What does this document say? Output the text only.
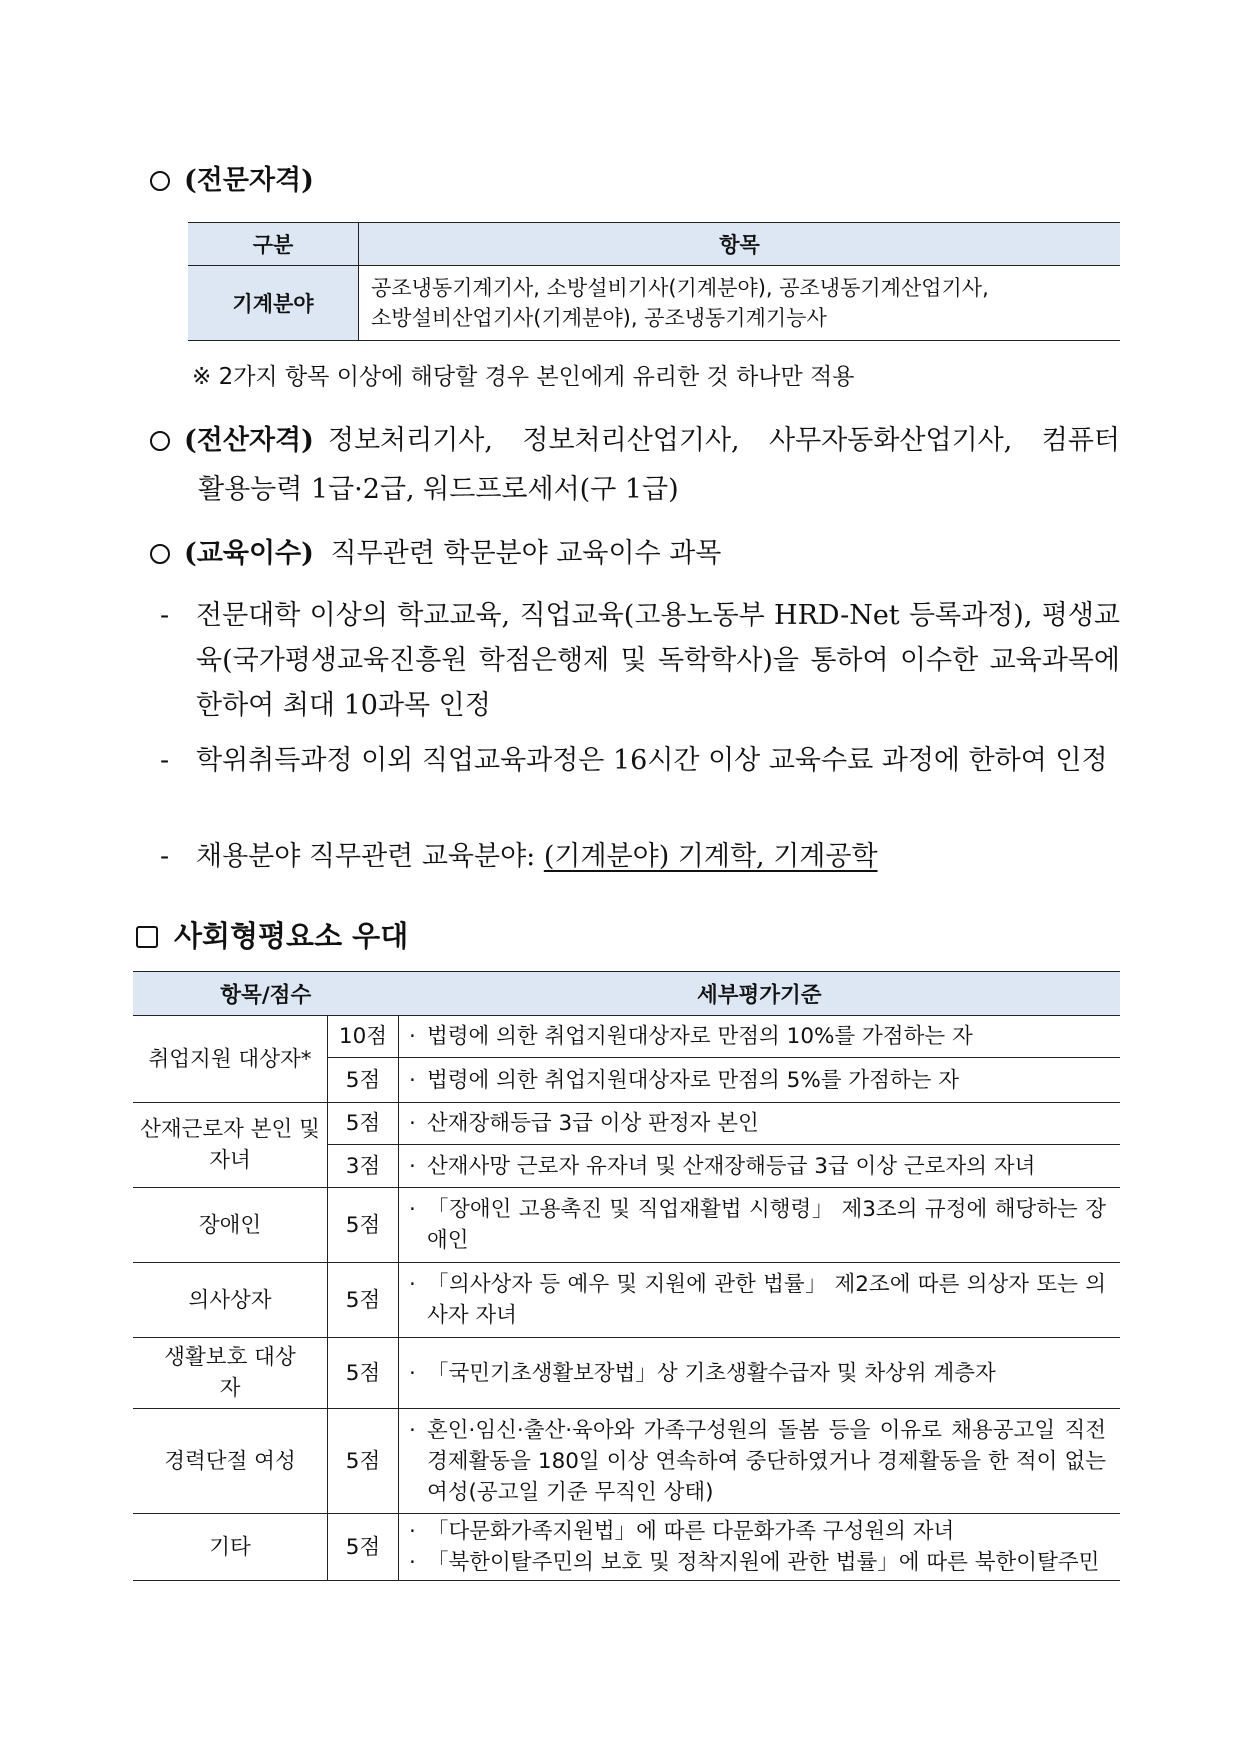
(전문자격)
구분	항목
기계분야	공조냉동기계기사, 소방설비기사(기계분야), 공조냉동기계산업기사,
소방설비산업기사(기계분야), 공조냉동기계기능사
※ 2가지 항목 이상에 해당할 경우 본인에게 유리한 것 하나만 적용
(전산자격) 정보처리기사, 정보처리산업기사, 사무자동화산업기사, 컴퓨터
활용능력 1급·2급, 워드프로세서(구 1급)
(교육이수) 직무관련 학문분야 교육이수 과목
- 전문대학 이상의 학교교육, 직업교육(고용노동부 HRD-Net 등록과정), 평생교육(국가평생교육진흥원 학점은행제 및 독학학사)을 통하여 이수한 교육과목에 한하여 최대 10과목 인정
- 학위취득과정 이외 직업교육과정은 16시간 이상 교육수료 과정에 한하여 인정
- 채용분야 직무관련 교육분야: (기계분야) 기계학, 기계공학
사회형평요소 우대
항목/점수		세부평가기준
취업지원 대상자*	10점	· 법령에 의한 취업지원대상자로 만점의 10%를 가점하는 자

	5점	· 법령에 의한 취업지원대상자로 만점의 5%를 가점하는 자

산재근로자 본인 및 자녀	5점	· 산재장해등급 3급 이상 판정자 본인

	3점	· 산재사망 근로자 유자녀 및 산재장해등급 3급 이상 근로자의 자녀

장애인	5점	· 「장애인 고용촉진 및 직업재활법 시행령」 제3조의 규정에 해당하는 장애인

의사상자	5점	· 「의사상자 등 예우 및 지원에 관한 법률」 제2조에 따른 의상자 또는 의사자 자녀

생활보호 대상자	5점	· 「국민기초생활보장법」상 기초생활수급자 및 차상위 계층자

경력단절 여성	5점	· 혼인·임신·출산·육아와 가족구성원의 돌봄 등을 이유로 채용공고일 직전 경제활동을 180일 이상 연속하여 중단하였거나 경제활동을 한 적이 없는 여성(공고일 기준 무직인 상태)

기타	5점	· 「다문화가족지원법」에 따른 다문화가족 구성원의 자녀
· 「북한이탈주민의 보호 및 정착지원에 관한 법률」에 따른 북한이탈주민
